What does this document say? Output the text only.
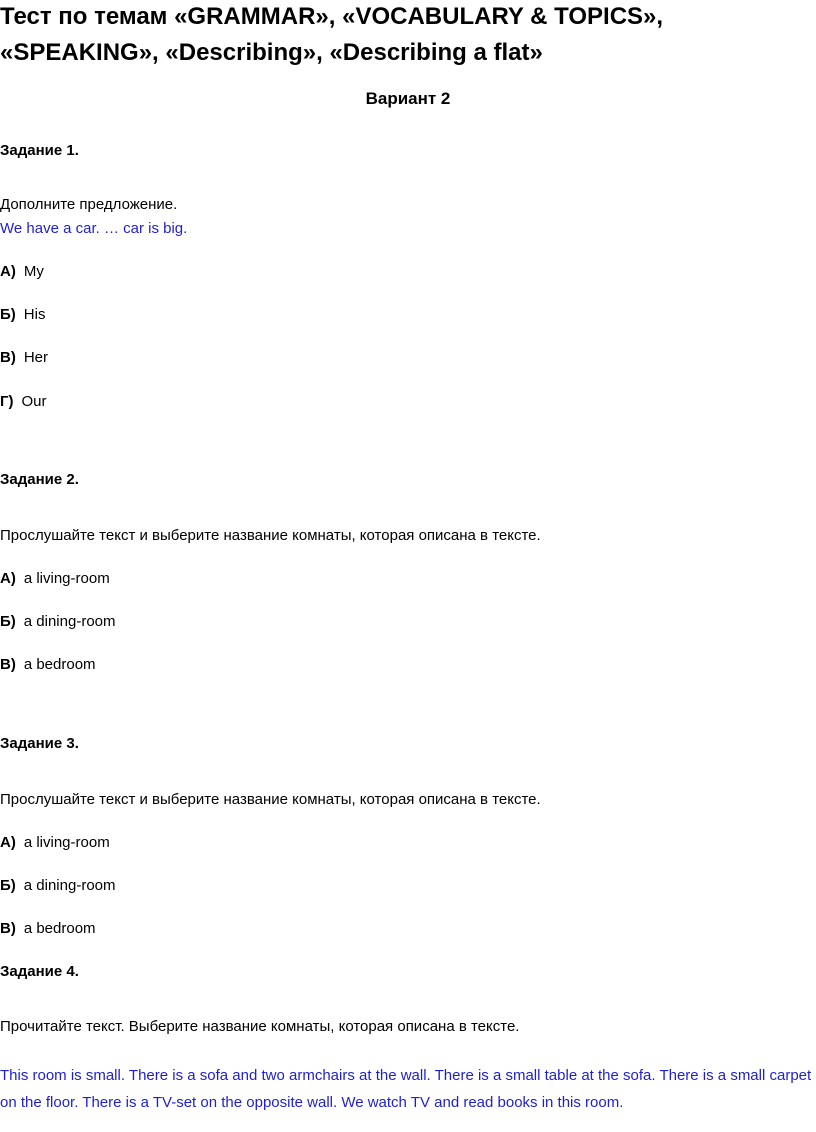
Тест по темам «GRAMMAR», «VOCABULARY & TOPICS»,
«SPEAKING», «Describing», «Describing a flat»
Вариант 2
Задание 1.
Дополните предложение.
We have a car. … car is big.
А) My
Б) His
В) Her
Г) Our
Задание 2.
Прослушайте текст и выберите название комнаты, которая описана в тексте.
А) a living-room
Б) a dining-room
В) a bedroom
Задание 3.
Прослушайте текст и выберите название комнаты, которая описана в тексте.
А) a living-room
Б) a dining-room
В) a bedroom
Задание 4.
Прочитайте текст. Выберите название комнаты, которая описана в тексте.
This room is small. There is a sofa and two armchairs at the wall. There is a small table at the sofa. There is a small carpet on the floor. There is a TV-set on the opposite wall. We watch TV and read books in this room.
